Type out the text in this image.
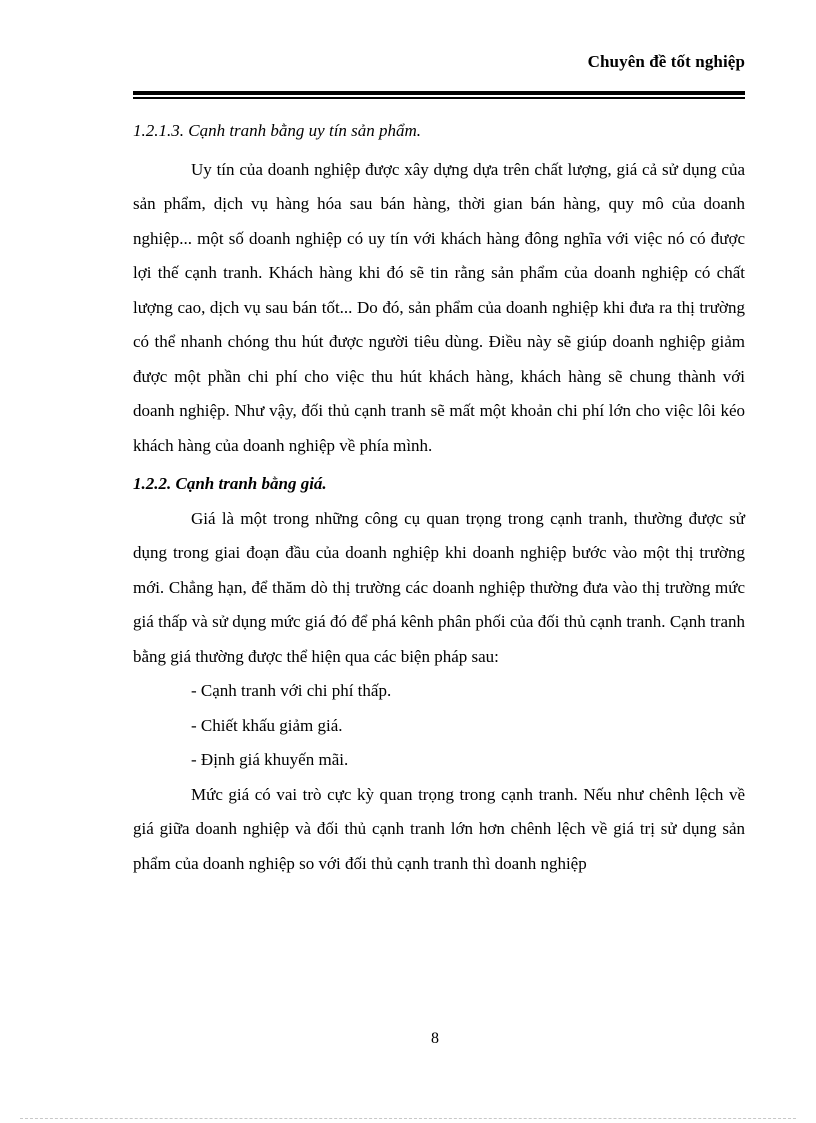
Chuyên đề tốt nghiệp

1.2.1.3. Cạnh tranh bằng uy tín sản phẩm.

Uy tín của doanh nghiệp được xây dựng dựa trên chất lượng, giá cả sử dụng của sản phẩm, dịch vụ hàng hóa sau bán hàng, thời gian bán hàng, quy mô của doanh nghiệp... một số doanh nghiệp có uy tín với khách hàng đông nghĩa với việc nó có được lợi thế cạnh tranh. Khách hàng khi đó sẽ tin rằng sản phẩm của doanh nghiệp có chất lượng cao, dịch vụ sau bán tốt... Do đó, sản phẩm của doanh nghiệp khi đưa ra thị trường có thể nhanh chóng thu hút được người tiêu dùng. Điều này sẽ giúp doanh nghiệp giảm được một phần chi phí cho việc thu hút khách hàng, khách hàng sẽ chung thành với doanh nghiệp. Như vậy, đối thủ cạnh tranh sẽ mất một khoản chi phí lớn cho việc lôi kéo khách hàng của doanh nghiệp về phía mình.

1.2.2. Cạnh tranh bằng giá.

Giá là một trong những công cụ quan trọng trong cạnh tranh, thường được sử dụng trong giai đoạn đầu của doanh nghiệp khi doanh nghiệp bước vào một thị trường mới. Chẳng hạn, để thăm dò thị trường các doanh nghiệp thường đưa vào thị trường mức giá thấp và sử dụng mức giá đó để phá kênh phân phối của đối thủ cạnh tranh. Cạnh tranh bằng giá thường được thể hiện qua các biện pháp sau:

- Cạnh tranh với chi phí thấp.

- Chiết khấu giảm giá.

- Định giá khuyến mãi.

Mức giá có vai trò cực kỳ quan trọng trong cạnh tranh. Nếu như chênh lệch về giá giữa doanh nghiệp và đối thủ cạnh tranh lớn hơn chênh lệch về giá trị sử dụng sản phẩm của doanh nghiệp so với đối thủ cạnh tranh thì doanh nghiệp

8
